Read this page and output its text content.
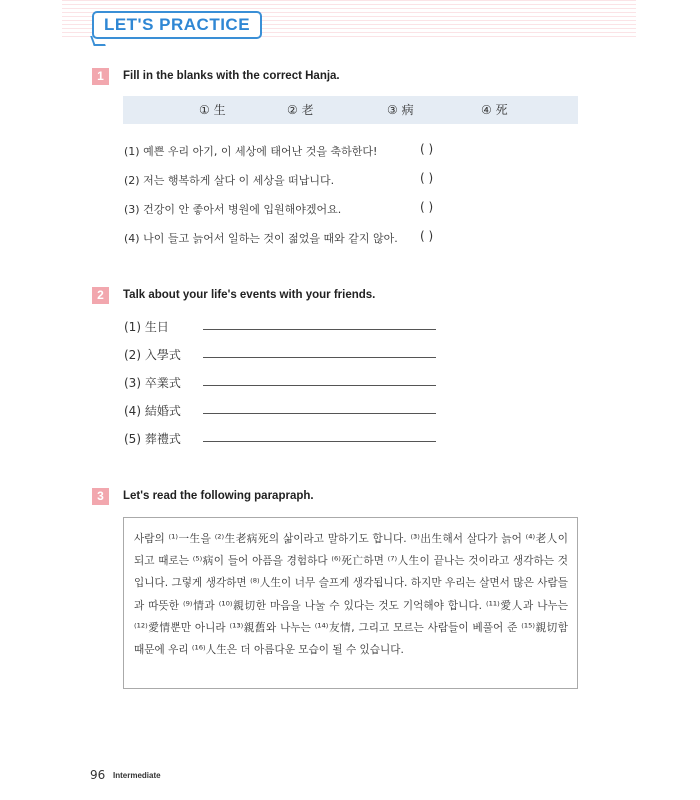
LET'S PRACTICE
1	Fill in the blanks with the correct Hanja.
① 生	② 老	③ 病	④ 死
(1) 예쁜 우리 아기, 이 세상에 태어난 것을 축하한다!	( )
(2) 저는 행복하게 살다 이 세상을 떠납니다.	( )
(3) 건강이 안 좋아서 병원에 입원해야겠어요.	( )
(4) 나이 들고 늙어서 일하는 것이 젊었을 때와 같지 않아. ( )
2	Talk about your life's events with your friends.
(1) 生日
(2) 入學式
(3) 卒業式
(4) 結婚式
(5) 葬禮式
3	Let's read the following parapraph.
사람의 ⁽¹⁾一生을 ⁽²⁾生老病死의 삶이라고 말하기도 합니다. ⁽³⁾出生해서 살다가 늙어 ⁽⁴⁾老人이 되고 때로는 ⁽⁵⁾病이 들어 아픔을 경험하다 ⁽⁶⁾死亡하면 ⁽⁷⁾人生이 끝나는 것이라고 생각하는 것입니다. 그렇게 생각하면 ⁽⁸⁾人生이 너무 슬프게 생각됩니다. 하지만 우리는 살면서 많은 사람들과 따뜻한 ⁽⁹⁾情과 ⁽¹⁰⁾親切한 마음을 나눌 수 있다는 것도 기억해야 합니다. ⁽¹¹⁾愛人과 나누는 ⁽¹²⁾愛情뿐만 아니라 ⁽¹³⁾親舊와 나누는 ⁽¹⁴⁾友情, 그리고 모르는 사람들이 베풀어 준 ⁽¹⁵⁾親切함 때문에 우리 ⁽¹⁶⁾人生은 더 아름다운 모습이 될 수 있습니다.
96 Intermediate
